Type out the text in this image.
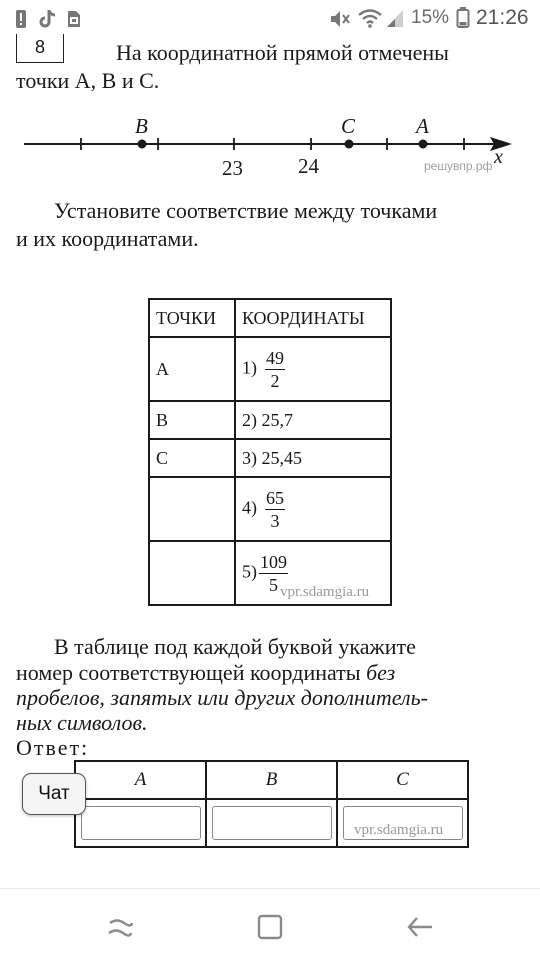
15% 21:26
8	На координатной прямой отмечены
точки A, B и C.
B	C	A
23	24	x
решувпр.рф
Установите соответствие между точками
и их координатами.
ТОЧКИ	КООРДИНАТЫ
A	$1) \frac{49}{2}$

B	2) 25,7
C	3) 25,45
	$4) \frac{65}{3}$

	$5) \frac{109}{5}$
vpr.sdamgia.ru
В таблице под каждой буквой укажите
номер соответствующей координаты без
пробелов, запятых или других дополнитель-
ных символов.
Ответ:
A	B	C

vpr.sdamgia.ru
Чат
